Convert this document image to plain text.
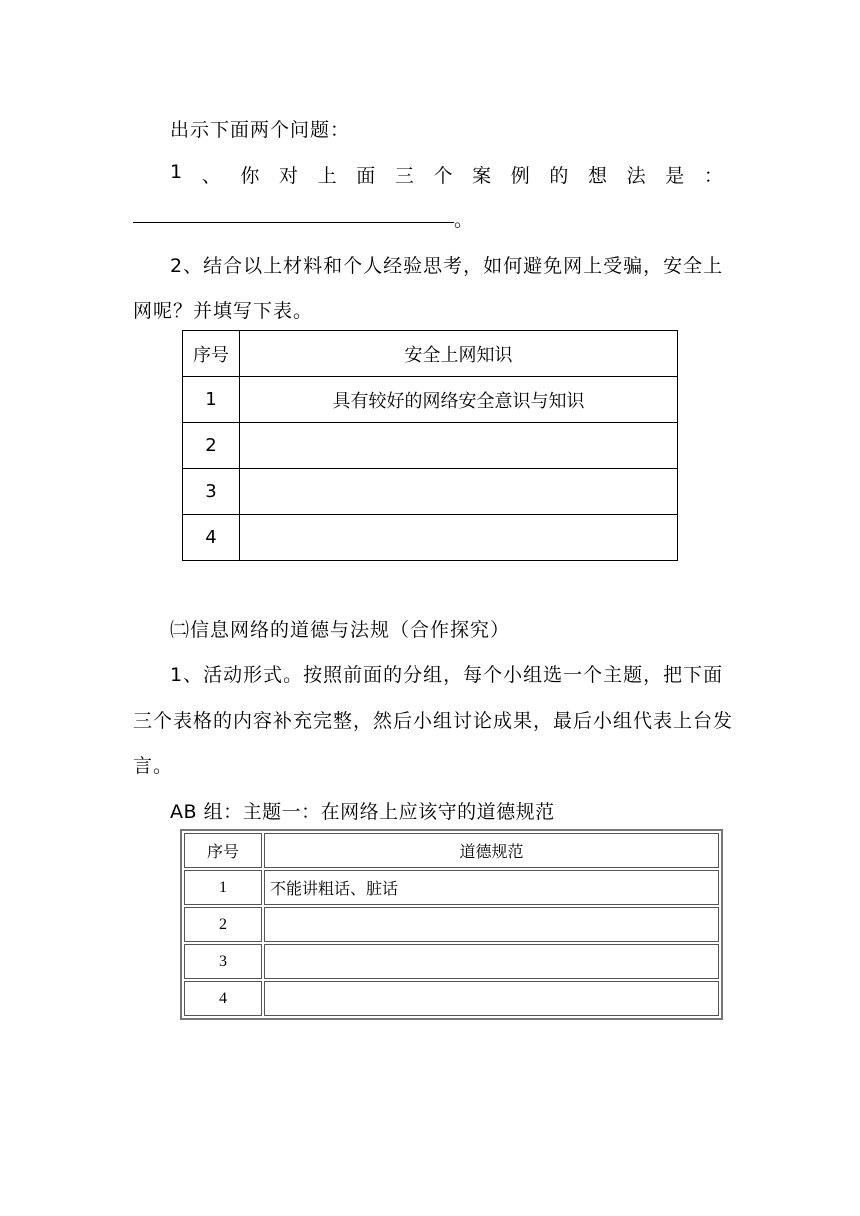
出示下面两个问题：
1 、 你 对 上 面 三 个 案 例 的 想 法 是 ：
。
2、结合以上材料和个人经验思考，如何避免网上受骗，安全上
网呢？并填写下表。
序号	安全上网知识
1	具有较好的网络安全意识与知识
2	
3	
4	
㈡信息网络的道德与法规（合作探究）
1、活动形式。按照前面的分组，每个小组选一个主题，把下面
三个表格的内容补充完整，然后小组讨论成果，最后小组代表上台发
言。
AB 组：主题一：在网络上应该守的道德规范
序号	道德规范
1	不能讲粗话、脏话
2	
3	
4	
